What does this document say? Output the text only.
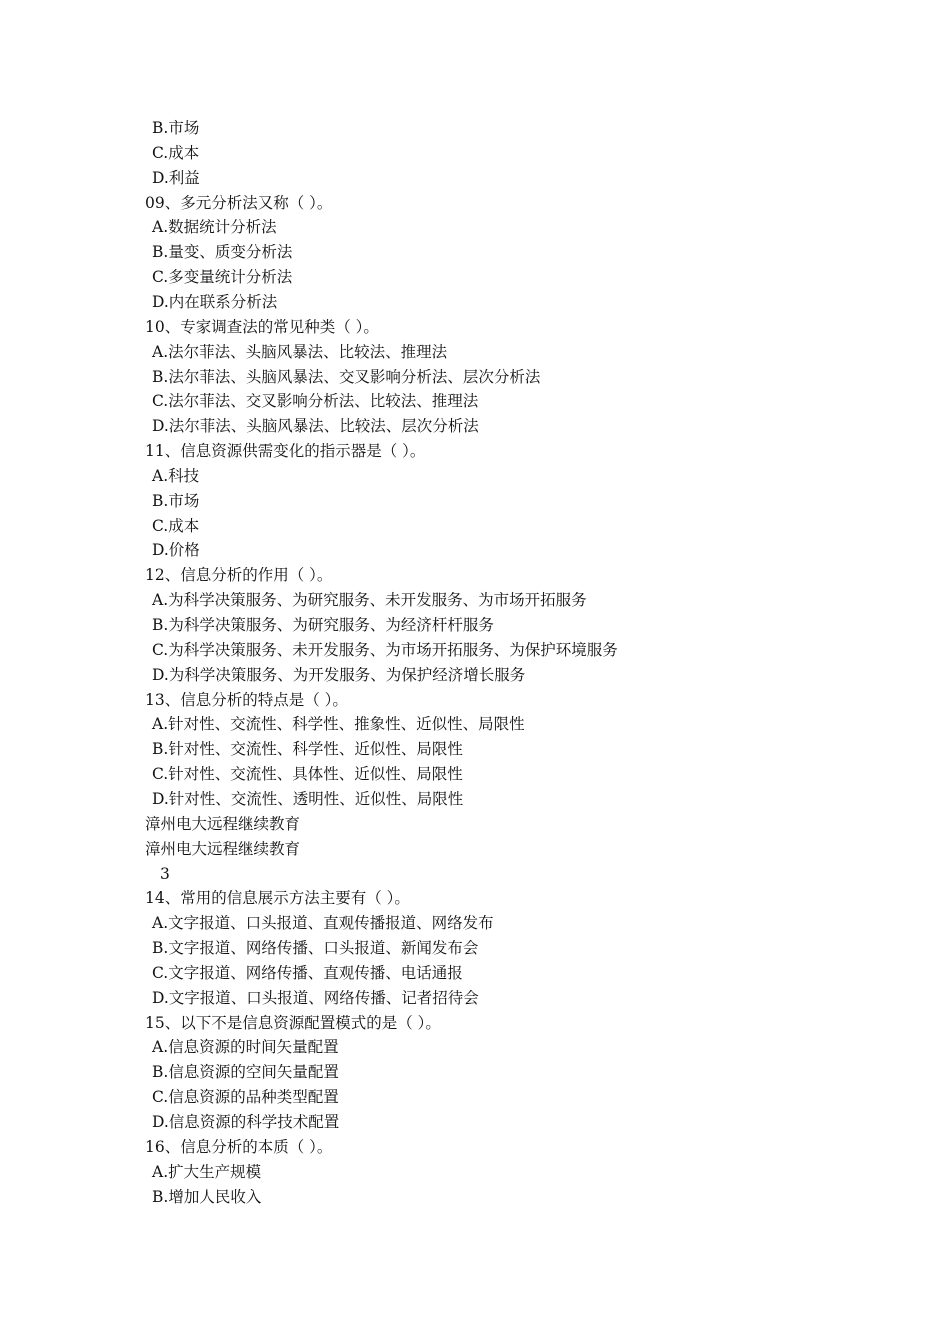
B.市场
C.成本
D.利益
09、多元分析法又称（ ）。
A.数据统计分析法
B.量变、质变分析法
C.多变量统计分析法
D.内在联系分析法
10、专家调查法的常见种类（ ）。
A.法尔菲法、头脑风暴法、比较法、推理法
B.法尔菲法、头脑风暴法、交叉影响分析法、层次分析法
C.法尔菲法、交叉影响分析法、比较法、推理法
D.法尔菲法、头脑风暴法、比较法、层次分析法
11、信息资源供需变化的指示器是（ ）。
A.科技
B.市场
C.成本
D.价格
12、信息分析的作用（ ）。
A.为科学决策服务、为研究服务、未开发服务、为市场开拓服务
B.为科学决策服务、为研究服务、为经济杆杆服务
C.为科学决策服务、未开发服务、为市场开拓服务、为保护环境服务
D.为科学决策服务、为开发服务、为保护经济增长服务
13、信息分析的特点是（ ）。
A.针对性、交流性、科学性、推象性、近似性、局限性
B.针对性、交流性、科学性、近似性、局限性
C.针对性、交流性、具体性、近似性、局限性
D.针对性、交流性、透明性、近似性、局限性
漳州电大远程继续教育
漳州电大远程继续教育
3
14、常用的信息展示方法主要有（ ）。
A.文字报道、口头报道、直观传播报道、网络发布
B.文字报道、网络传播、口头报道、新闻发布会
C.文字报道、网络传播、直观传播、电话通报
D.文字报道、口头报道、网络传播、记者招待会
15、以下不是信息资源配置模式的是（ ）。
A.信息资源的时间矢量配置
B.信息资源的空间矢量配置
C.信息资源的品种类型配置
D.信息资源的科学技术配置
16、信息分析的本质（ ）。
A.扩大生产规模
B.增加人民收入
